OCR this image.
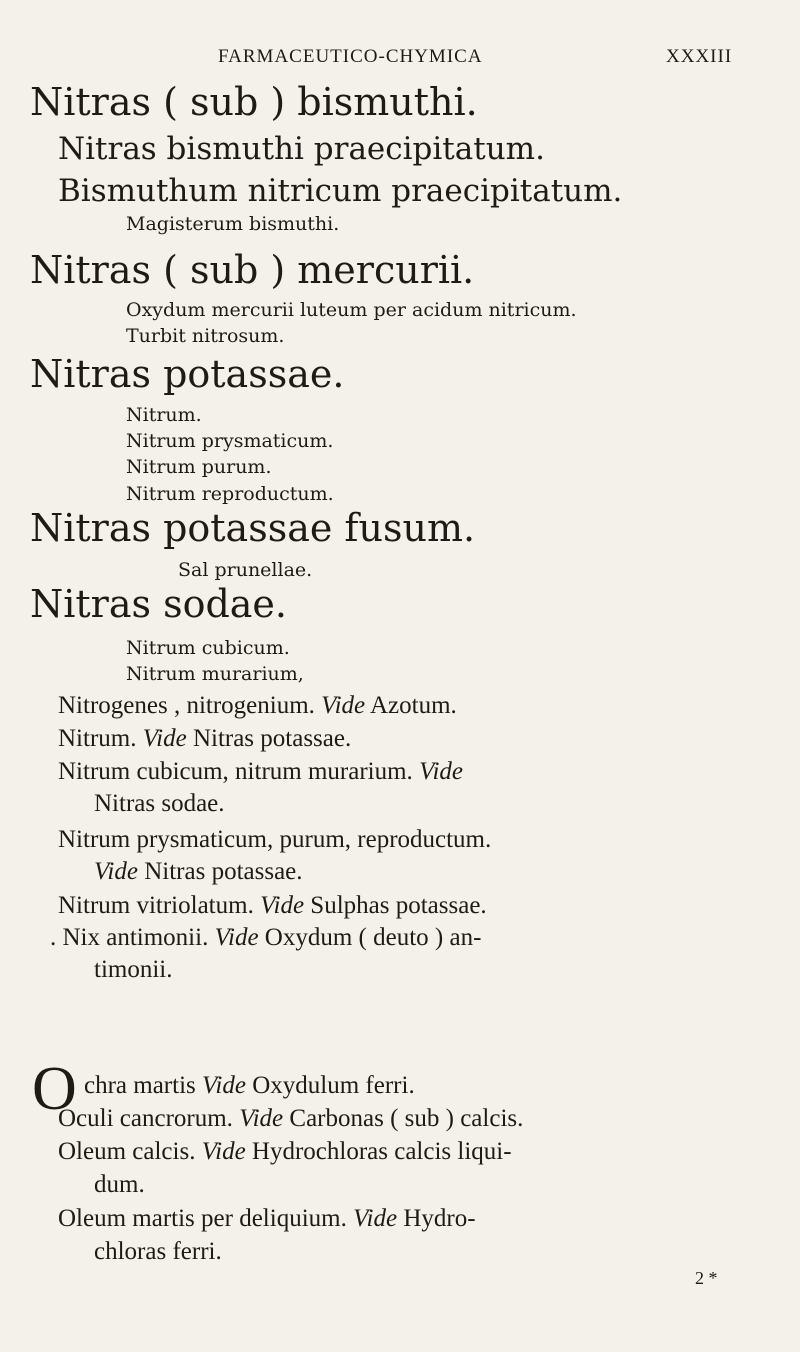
FARMACEUTICO-CHYMICA	XXXIII
Nitras ( sub ) bismuthi.
Nitras bismuthi praecipitatum.
Bismuthum nitricum praecipitatum.
Magisterum bismuthi.
Nitras ( sub ) mercurii.
Oxydum mercurii luteum per acidum nitricum.
Turbit nitrosum.
Nitras potassae.
Nitrum.
Nitrum prysmaticum.
Nitrum purum.
Nitrum reproductum.
Nitras potassae fusum.
Sal prunellae.
Nitras sodae.
Nitrum cubicum.
Nitrum murarium,
Nitrogenes , nitrogenium. Vide Azotum.
Nitrum. Vide Nitras potassae.
Nitrum cubicum, nitrum murarium. Vide
Nitras sodae.
Nitrum prysmaticum, purum, reproductum.
Vide Nitras potassae.
Nitrum vitriolatum. Vide Sulphas potassae.
. Nix antimonii. Vide Oxydum ( deuto ) an-
timonii.
O chra martis Vide Oxydulum ferri.
Oculi cancrorum. Vide Carbonas ( sub ) calcis.
Oleum calcis. Vide Hydrochloras calcis liqui-
dum.
Oleum martis per deliquium. Vide Hydro-
chloras ferri.
2 *
